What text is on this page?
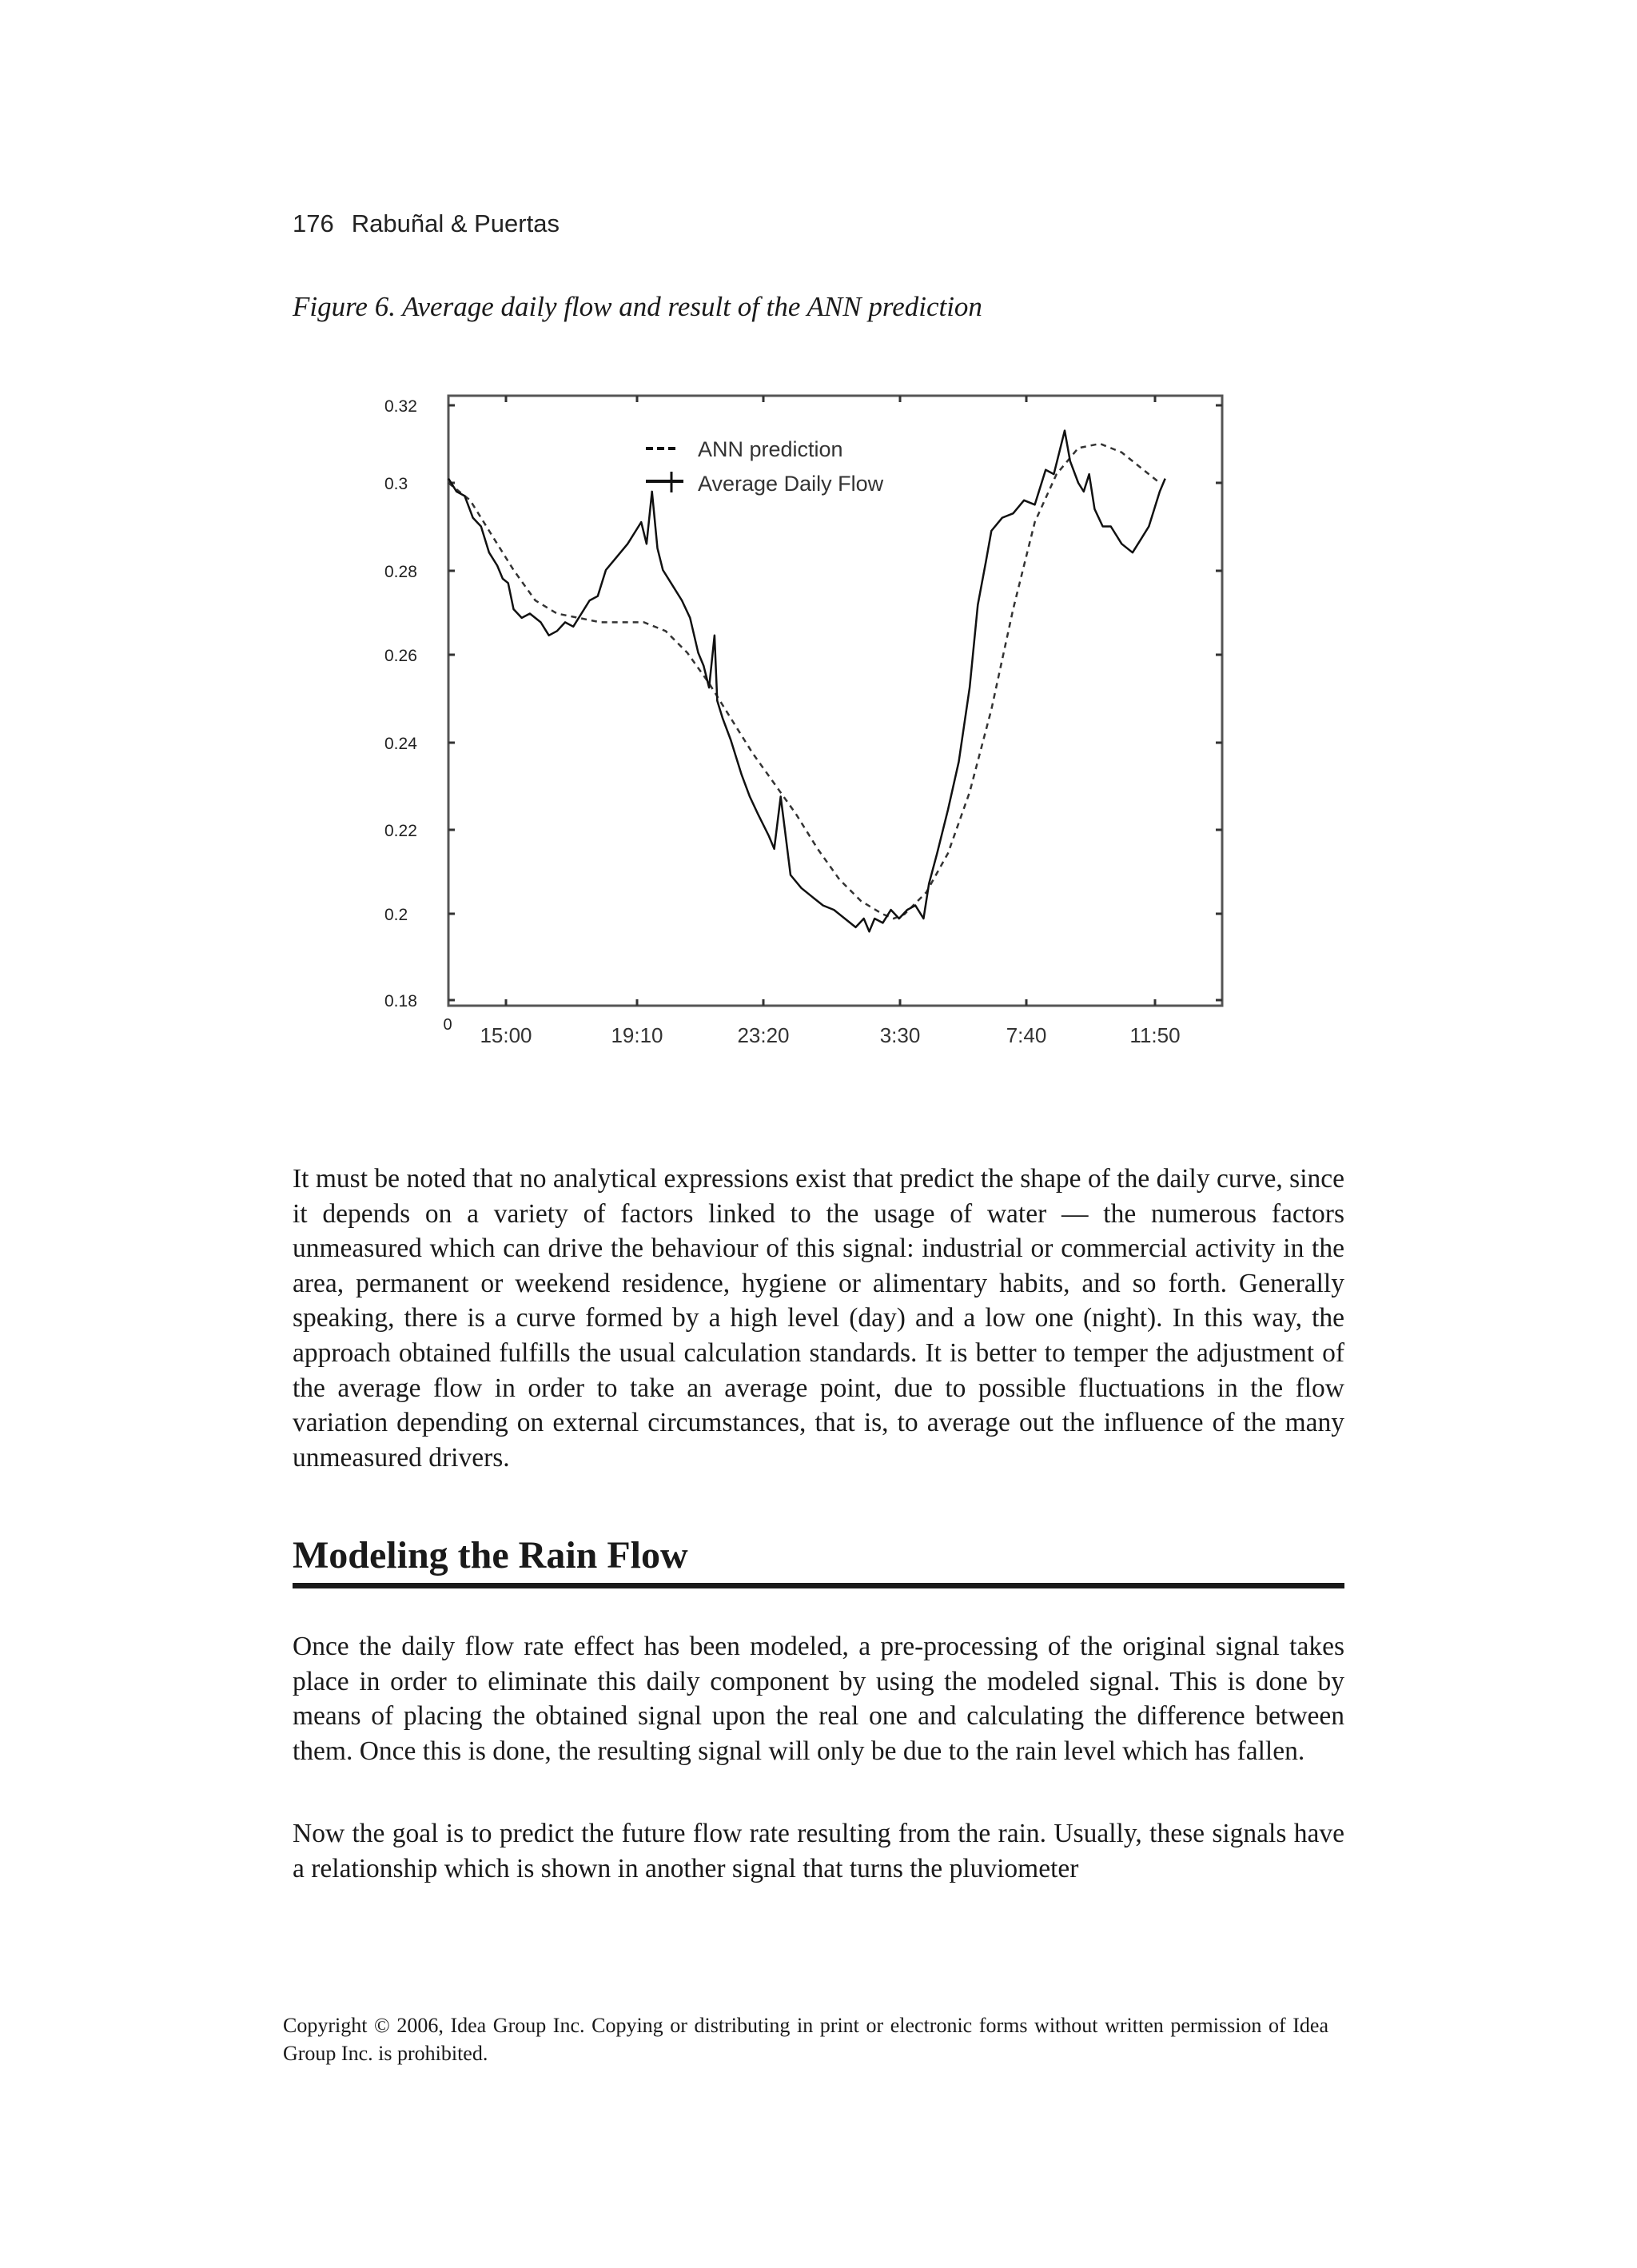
176 Rabuñal & Puertas
Figure 6. Average daily flow and result of the ANN prediction
0.32
0.3
0.28
0.26
0.24
0.22
0.2
0.18
15:00	19:10	23:20	3:30	7:40	11:50
0
ANN prediction
Average Daily Flow

It must be noted that no analytical expressions exist that predict the shape of the daily curve, since it depends on a variety of factors linked to the usage of water — the numerous factors unmeasured which can drive the behaviour of this signal: industrial or commercial activity in the area, permanent or weekend residence, hygiene or alimentary habits, and so forth. Generally speaking, there is a curve formed by a high level (day) and a low one (night). In this way, the approach obtained fulfills the usual calculation standards. It is better to temper the adjustment of the average flow in order to take an average point, due to possible fluctuations in the flow variation depending on external circumstances, that is, to average out the influence of the many unmeasured drivers.

Modeling the Rain Flow

Once the daily flow rate effect has been modeled, a pre-processing of the original signal takes place in order to eliminate this daily component by using the modeled signal. This is done by means of placing the obtained signal upon the real one and calculating the difference between them. Once this is done, the resulting signal will only be due to the rain level which has fallen.

Now the goal is to predict the future flow rate resulting from the rain. Usually, these signals have a relationship which is shown in another signal that turns the pluviometer

Copyright © 2006, Idea Group Inc. Copying or distributing in print or electronic forms without written permission of Idea Group Inc. is prohibited.
